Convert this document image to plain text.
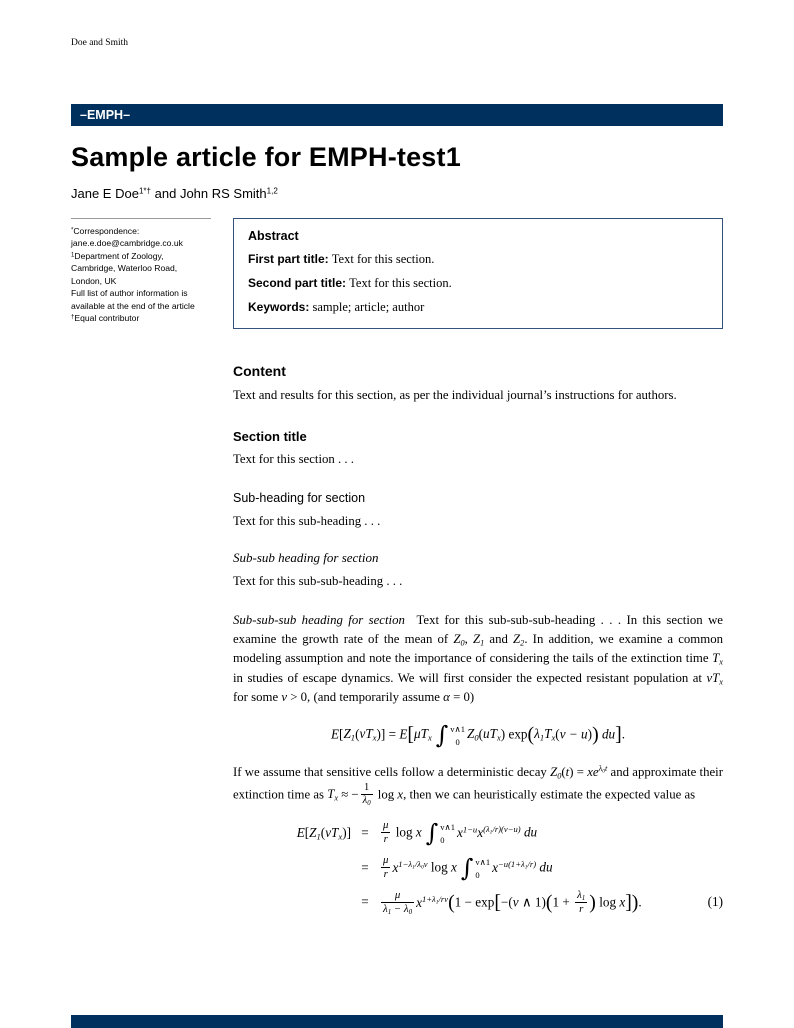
Doe and Smith
–EMPH–
Sample article for EMPH-test1
Jane E Doe$^{1*\dagger}$ and John RS Smith$^{1,2}$
*Correspondence:
jane.e.doe@cambridge.co.uk
$^1$Department of Zoology,
Cambridge, Waterloo Road,
London, UK
Full list of author information is
available at the end of the article
†Equal contributor
Abstract
First part title: Text for this section.
Second part title: Text for this section.
Keywords: sample; article; author
Content

Text and results for this section, as per the individual journal’s instructions for authors.

Section title

Text for this section . . .

Sub-heading for section

Text for this sub-heading . . .

Sub-sub heading for section

Text for this sub-sub-heading . . .

Sub-sub-sub heading for section  Text for this sub-sub-sub-heading . . . In this section we examine the growth rate of the mean of $Z_0$, $Z_1$ and $Z_2$. In addition, we examine a common modeling assumption and note the importance of considering the tails of the extinction time $T_x$ in studies of escape dynamics. We will first consider the expected resistant population at $vT_x$ for some v > 0, (and temporarily assume α = 0)

$E[Z_1(vT_x)] = E[\mu T_x$ ∫ v∧1
0
$Z_0(uT_x) \exp(\lambda_1T_x(v - u))$ du].

If we assume that sensitive cells follow a deterministic decay $Z_0(t) = xe^{\lambda_0t}$ and approximate their extinction time as $T_x$ ≈ − $\frac{1}{\lambda_0}$ log x, then we can heuristically estimate the expected value as

$E[Z_1(vT_x)]$ =	$\frac{\mu}{r}$ log x ∫ v∧1
0
$x^{1-u}x^{(\lambda_1/r)(v-u)}$ du
=	$\frac{\mu}{r} x^{1-\lambda_1/\lambda_0v}$ log x ∫ v∧1
0
$x^{-u(1+\lambda_1/r)}$ du
=	$\frac{\mu}{\lambda_1 - \lambda_0} x^{1+\lambda_1/rv}(1 - \exp[-(v$ ∧ $1)(1 + \frac{\lambda_1}{r}$ ) log x]).	(1)
